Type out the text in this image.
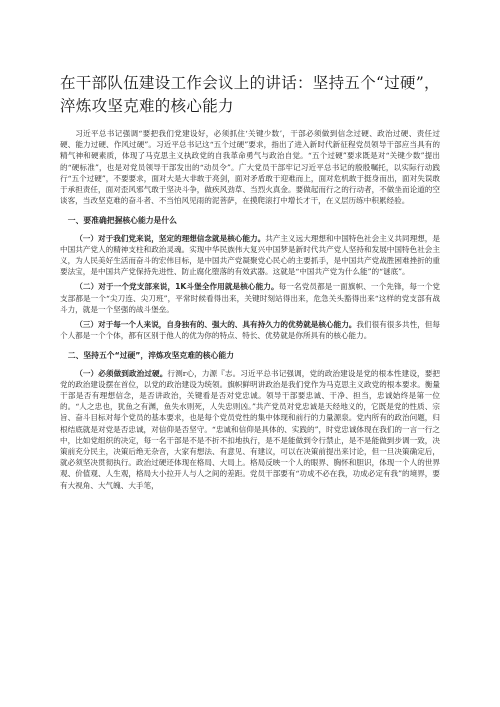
在干部队伍建设工作会议上的讲话：坚持五个“过硬”，淬炼攻坚克难的核心能力

习近平总书记强调“要把我们党建设好，必须抓住‘关键少数’，干部必须做到信念过硬、政治过硬、责任过硬、能力过硬、作风过硬”。习近平总书记这“五个过硬”要求，指出了进入新时代新征程党员领导干部应当具有的精气神和硬素质，体现了马克思主义执政党的自我革命勇气与政治自觉。“五个过硬”要求既是对“关键少数”提出的“硬标准”，也是对党员领导干部发出的“动员令”。广大党员干部牢记习近平总书记的殷殷嘱托，以实际行动践行“五个过硬”，不要要求，面对大是大非敢于亮剑，面对矛盾敢于迎难而上，面对危机敢于挺身而出，面对失误敢于承担责任，面对歪风邪气敢于坚决斗争，做疾风劲草、当烈火真金。要做起而行之的行动者，不做坐而论道的空谈客，当改坚克难的奋斗者、不当怕风见雨的泥菩萨，在摸爬滚打中增长才干，在义层历练中积累经验。

一、要准确把握核心能力是什么

（一）对于我们党来说，坚定的理想信念就是核心能力。共产主义远大理想和中国特色社会主义共同理想，是中国共产党人的精神支柱和政治灵魂。实现中华民族伟大复兴中国梦是新时代共产党人坚持和发展中国特色社会主义，为人民美好生活而奋斗的宏伟目标，是中国共产党凝聚党心民心的主要抓手，是中国共产党战胜困难挫折的重要法宝，是中国共产党保持先进性、防止腐化堕落的有效武器。这就是“中国共产党为什么能”的“谜底”。

（二）对于一个党支部来说，1Κ斗堡全作用就是核心能力。每一名党员都是一面旗帜、一个先锋，每一个党支部都是一个“尖刀连、尖刀班”，平常时候看得出来，关键时刻站得出来，危急关头豁得出来“这样的党支部有战斗力，就是一个坚强的战斗堡垒。

（三）对于每一个人来说，自身独有的、强大的、具有持久力的优势就是核心能力。我们很有很多共性，但每个人都是一个个体，都有区别于他人的优为你的特点、特长、优势就是你所具有的核心能力。

二、坚持五个“过硬”，淬炼攻坚克难的核心能力

（一）必须做到政治过硬。行测r心，力源『志。习近平总书记强调，党的政治建设是党的根本性建设，要把党的政治建设摆在首位，以党的政治建设为统领。旗帜鲜明讲政治是我们党作为马克思主义政党的根本要求。衡量干部是否有理想信念，是否讲政治，关键看是否对党忠诚。领导干部要忠诚、干净、担当，忠诚始终是第一位的。“人之忠也，犹鱼之有渊，鱼失水则死，人失忠则凶。”共产党员对党忠诚是天经地义的，它既是党的性质、宗旨、奋斗目标对每个党员的基本要求，也是每个党员党性的集中体现和前行的力量源泉。党内所有的政治问题，归根结底就是对党是否忠诚，对信仰是否坚守。“忠诚和信仰是具体的、实践的”，时党忠诚体现在我们的一言一行之中，比如党组织的决定，每一名干部是不是不折不扣地执行，是不是能做到令行禁止，是不是能做到步调一致，决策前充分民主，决策后绝无杂音，大家有想法、有意见、有建议，可以在决策前提出来讨论，但一旦决策确定后，就必须坚决贯彻执行。政治过硬还体现在格局、大局上。格局反映一个人的眼界、胸怀和胆识，体现一个人的世界观、价值观、人生观，格局大小拉开人与人之间的差距。党员干部要有“功成不必在我，功成必定有我”的境界，要有大视角、大气魄、大手笔，
